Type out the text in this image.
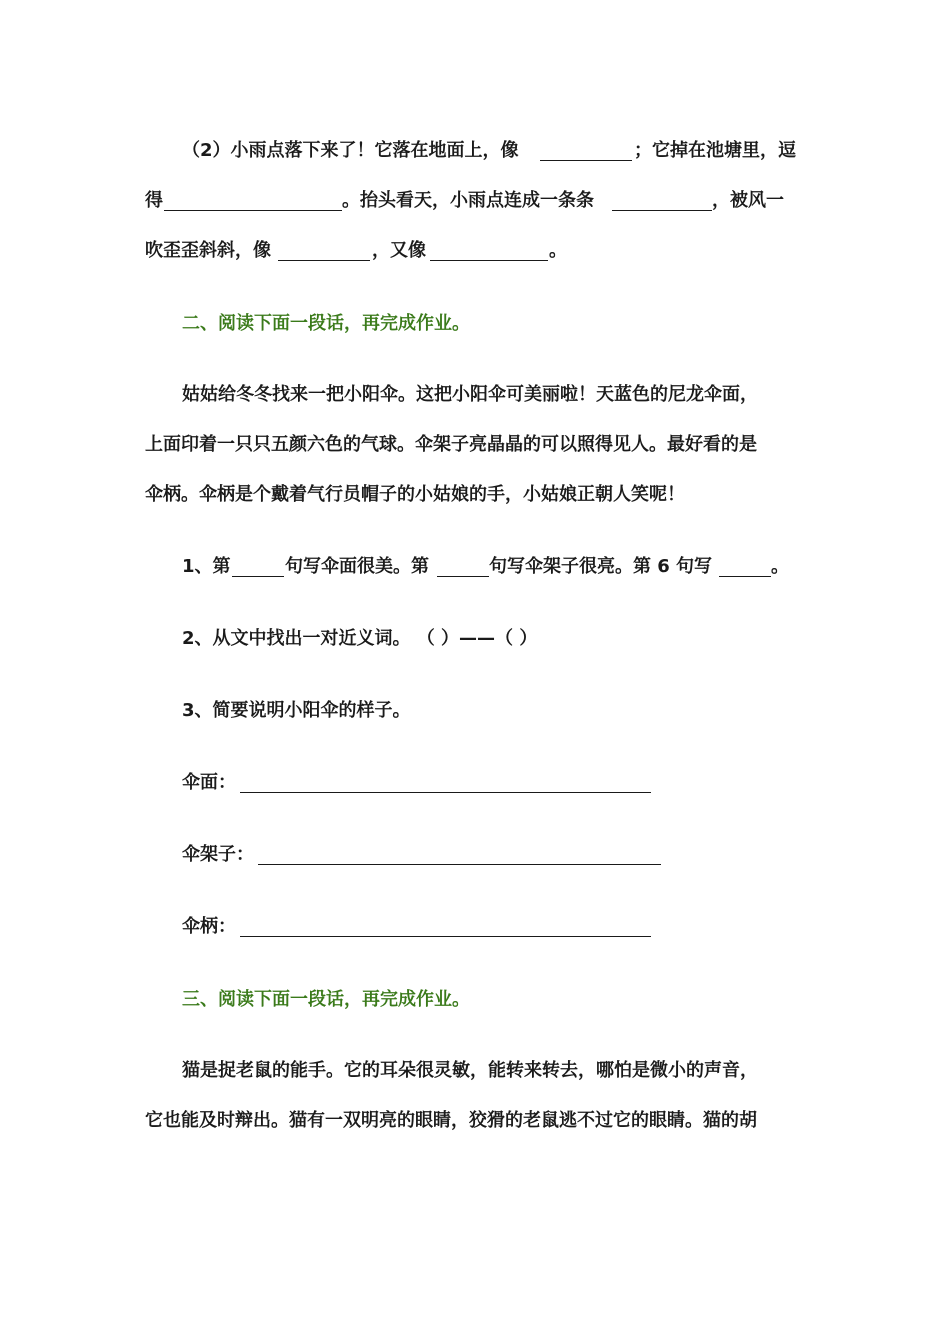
（2）小雨点落下来了！它落在地面上，像	；它掉在池塘里，逗
得	。抬头看天，小雨点连成一条条	，被风一
吹歪歪斜斜，像	，又像	。
二、阅读下面一段话，再完成作业。
姑姑给冬冬找来一把小阳伞。这把小阳伞可美丽啦！天蓝色的尼龙伞面，
上面印着一只只五颜六色的气球。伞架子亮晶晶的可以照得见人。最好看的是
伞柄。伞柄是个戴着气行员帽子的小姑娘的手，小姑娘正朝人笑呢！
1、第	句写伞面很美。第	句写伞架子很亮。第 6 句写	。
2、从文中找出一对近义词。 （ ）——（ ）
3、简要说明小阳伞的样子。
伞面：
伞架子：
伞柄：
三、阅读下面一段话，再完成作业。
猫是捉老鼠的能手。它的耳朵很灵敏，能转来转去，哪怕是微小的声音，
它也能及时辩出。猫有一双明亮的眼睛，狡猾的老鼠逃不过它的眼睛。猫的胡
